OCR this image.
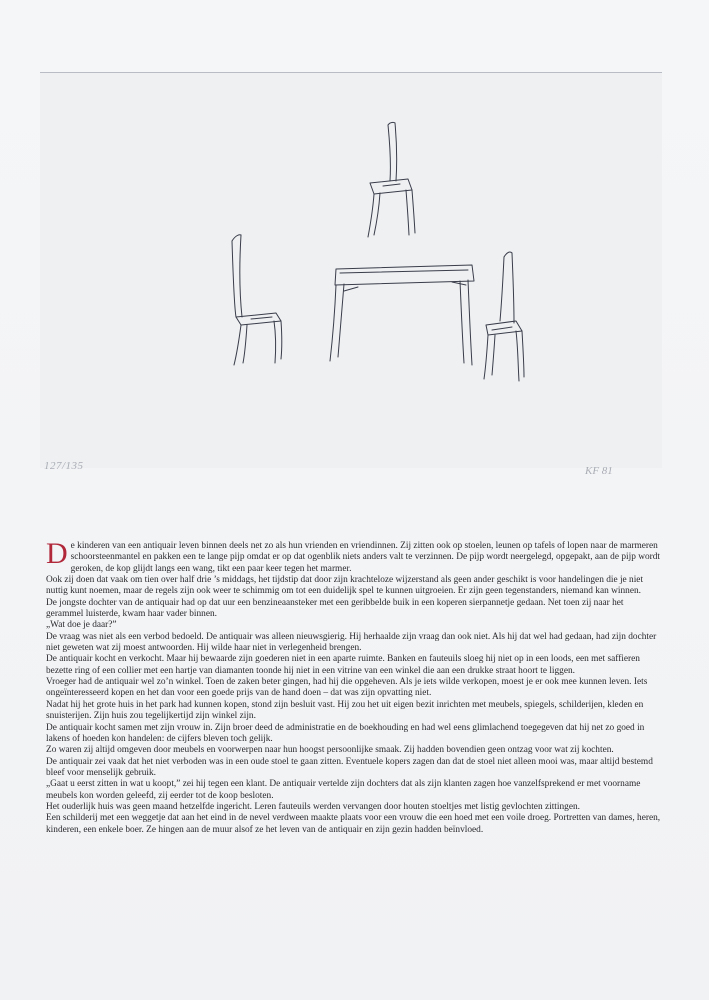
127/135	KF 81

De kinderen van een antiquair leven binnen deels net zo als hun vrienden en vriendinnen. Zij zitten ook op stoelen, leunen op tafels of lopen naar de marmeren schoorsteenmantel en pakken een te lange pijp omdat er op dat ogenblik niets anders valt te verzinnen. De pijp wordt neergelegd, opgepakt, aan de pijp wordt geroken, de kop glijdt langs een wang, tikt een paar keer tegen het marmer.

Ook zij doen dat vaak om tien over half drie ’s middags, het tijdstip dat door zijn krachteloze wijzerstand als geen ander geschikt is voor handelingen die je niet nuttig kunt noemen, maar de regels zijn ook weer te schimmig om tot een duidelijk spel te kunnen uitgroeien. Er zijn geen tegenstanders, niemand kan winnen.

De jongste dochter van de antiquair had op dat uur een benzineaansteker met een geribbelde buik in een koperen sierpannetje gedaan. Net toen zij naar het gerammel luisterde, kwam haar vader binnen.

„Wat doe je daar?”

De vraag was niet als een verbod bedoeld. De antiquair was alleen nieuwsgierig. Hij herhaalde zijn vraag dan ook niet. Als hij dat wel had gedaan, had zijn dochter niet geweten wat zij moest antwoorden. Hij wilde haar niet in verlegenheid brengen.

De antiquair kocht en verkocht. Maar hij bewaarde zijn goederen niet in een aparte ruimte. Banken en fauteuils sloeg hij niet op in een loods, een met saffieren bezette ring of een collier met een hartje van diamanten toonde hij niet in een vitrine van een winkel die aan een drukke straat hoort te liggen.

Vroeger had de antiquair wel zo’n winkel. Toen de zaken beter gingen, had hij die opgeheven. Als je iets wilde verkopen, moest je er ook mee kunnen leven. Iets ongeïnteresseerd kopen en het dan voor een goede prijs van de hand doen – dat was zijn opvatting niet.

Nadat hij het grote huis in het park had kunnen kopen, stond zijn besluit vast. Hij zou het uit eigen bezit inrichten met meubels, spiegels, schilderijen, kleden en snuisterijen. Zijn huis zou tegelijkertijd zijn winkel zijn.

De antiquair kocht samen met zijn vrouw in. Zijn broer deed de administratie en de boekhouding en had wel eens glimlachend toegegeven dat hij net zo goed in lakens of hoeden kon handelen: de cijfers bleven toch gelijk.

Zo waren zij altijd omgeven door meubels en voorwerpen naar hun hoogst persoonlijke smaak. Zij hadden bovendien geen ontzag voor wat zij kochten.

De antiquair zei vaak dat het niet verboden was in een oude stoel te gaan zitten. Eventuele kopers zagen dan dat de stoel niet alleen mooi was, maar altijd bestemd bleef voor menselijk gebruik.

„Gaat u eerst zitten in wat u koopt,” zei hij tegen een klant. De antiquair vertelde zijn dochters dat als zijn klanten zagen hoe vanzelfsprekend er met voorname meubels kon worden geleefd, zij eerder tot de koop besloten.

Het ouderlijk huis was geen maand hetzelfde ingericht. Leren fauteuils werden vervangen door houten stoeltjes met listig gevlochten zittingen.

Een schilderij met een weggetje dat aan het eind in de nevel verdween maakte plaats voor een vrouw die een hoed met een voile droeg. Portretten van dames, heren, kinderen, een enkele boer. Ze hingen aan de muur alsof ze het leven van de antiquair en zijn gezin hadden beïnvloed.
